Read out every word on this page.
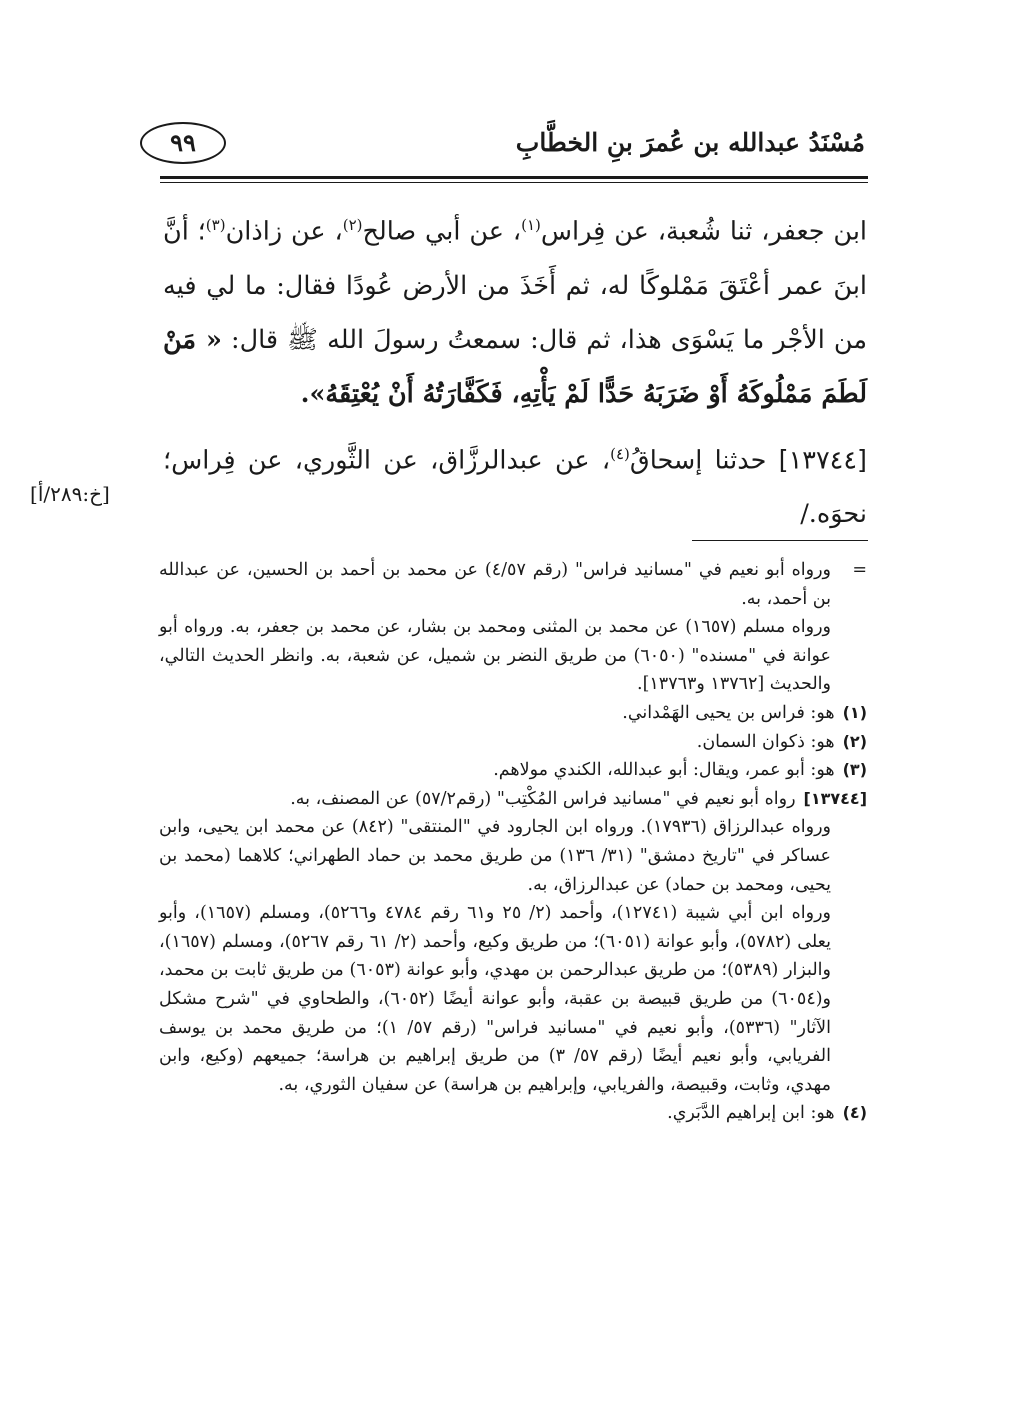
مُسْنَدُ عبدالله بن عُمرَ بنِ الخطَّابِ
٩٩

ابن جعفر، ثنا شُعبة، عن فِراس$^{(١)}$، عن أبي صالح$^{(٢)}$، عن زاذان$^{(٣)}$؛ أنَّ ابنَ عمر أعْتَقَ مَمْلوكًا له، ثم أَخَذَ من الأرض عُودًا فقال: ما لي فيه من الأجْر ما يَسْوَى هذا، ثم قال: سمعتُ رسولَ الله ﷺ قال: « مَنْ لَطَمَ مَمْلُوكَهُ أَوْ ضَرَبَهُ حَدًّا لَمْ يَأْتِهِ، فَكَفَّارَتُهُ أَنْ يُعْتِقَهُ».

[١٣٧٤٤] حدثنا إسحاقُ$^{(٤)}$، عن عبدالرزَّاق، عن الثَّوري، عن فِراس؛ نحوَه./

[خ:٢٨٩/أ]

=ورواه أبو نعيم في "مسانيد فراس" (رقم ٤/٥٧) عن محمد بن أحمد بن الحسين، عن عبدالله بن أحمد، به.

ورواه مسلم (١٦٥٧) عن محمد بن المثنى ومحمد بن بشار، عن محمد بن جعفر، به. ورواه أبو عوانة في "مسنده" (٦٠٥٠) من طريق النضر بن شميل، عن شعبة، به. وانظر الحديث التالي، والحديث [١٣٧٦٢ و١٣٧٦٣].

(١)هو: فراس بن يحيى الهَمْداني.

(٢)هو: ذكوان السمان.

(٣)هو: أبو عمر، ويقال: أبو عبدالله، الكندي مولاهم.

[١٣٧٤٤]رواه أبو نعيم في "مسانيد فراس المُكْتِب" (رقم٥٧/٢) عن المصنف، به.

ورواه عبدالرزاق (١٧٩٣٦). ورواه ابن الجارود في "المنتقى" (٨٤٢) عن محمد ابن يحيى، وابن عساكر في "تاريخ دمشق" (٣١/ ١٣٦) من طريق محمد بن حماد الطهراني؛ كلاهما (محمد بن يحيى، ومحمد بن حماد) عن عبدالرزاق، به.

ورواه ابن أبي شيبة (١٢٧٤١)، وأحمد (٢/ ٢٥ و٦١ رقم ٤٧٨٤ و٥٢٦٦)، ومسلم (١٦٥٧)، وأبو يعلى (٥٧٨٢)، وأبو عوانة (٦٠٥١)؛ من طريق وكيع، وأحمد (٢/ ٦١ رقم ٥٢٦٧)، ومسلم (١٦٥٧)، والبزار (٥٣٨٩)؛ من طريق عبدالرحمن بن مهدي، وأبو عوانة (٦٠٥٣) من طريق ثابت بن محمد، و(٦٠٥٤) من طريق قبيصة بن عقبة، وأبو عوانة أيضًا (٦٠٥٢)، والطحاوي في "شرح مشكل الآثار" (٥٣٣٦)، وأبو نعيم في "مسانيد فراس" (رقم ٥٧/ ١)؛ من طريق محمد بن يوسف الفريابي، وأبو نعيم أيضًا (رقم ٥٧/ ٣) من طريق إبراهيم بن هراسة؛ جميعهم (وكيع، وابن مهدي، وثابت، وقبيصة، والفريابي، وإبراهيم بن هراسة) عن سفيان الثوري، به.

(٤)هو: ابن إبراهيم الدَّبَري.
